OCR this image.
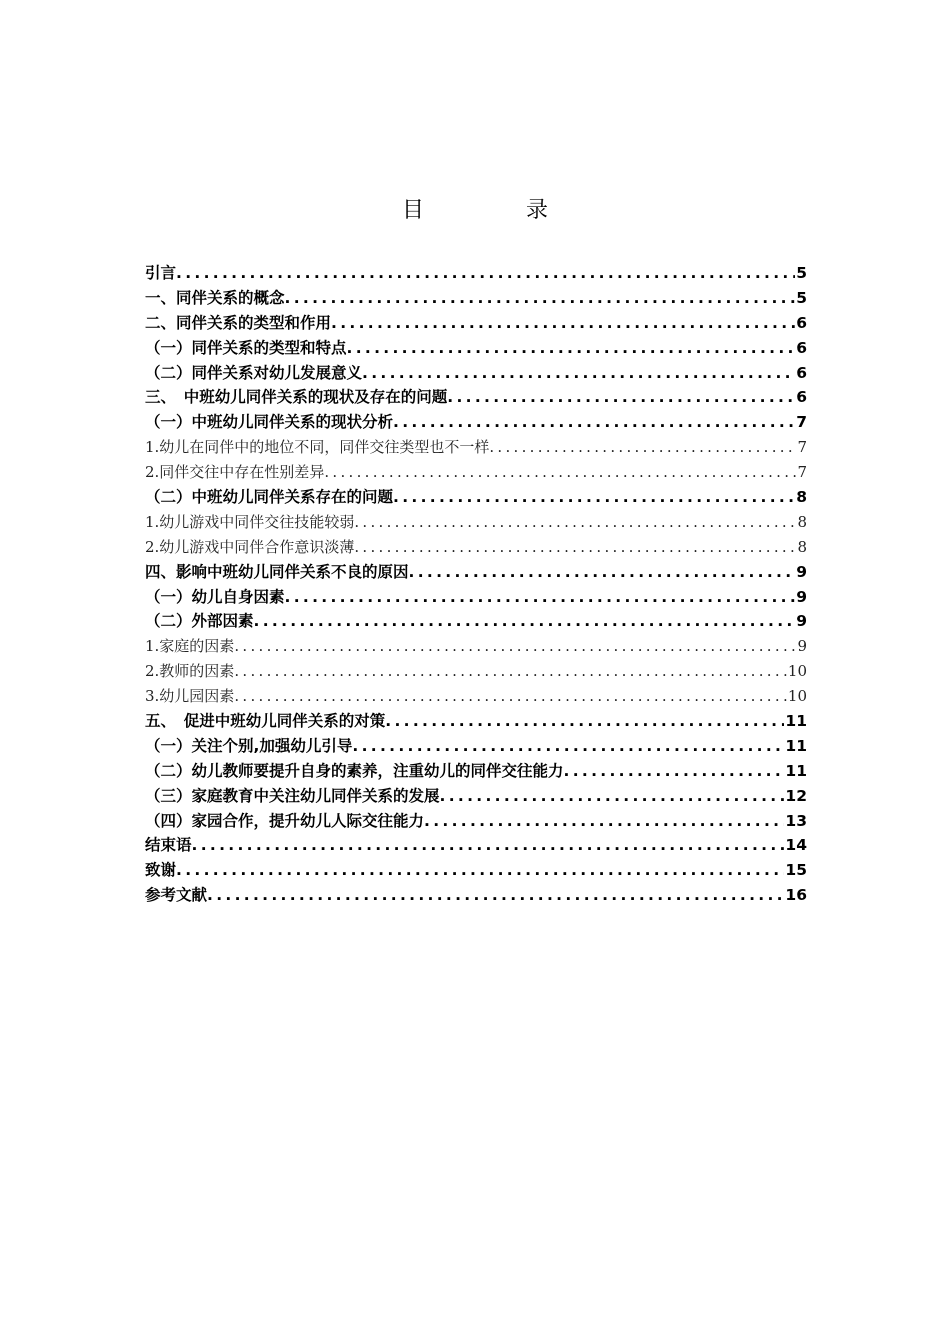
目　录
引言 .....	5
一、同伴关系的概念 .....	5
二、同伴关系的类型和作用 .....	6
（一）同伴关系的类型和特点 .....	6
（二）同伴关系对幼儿发展意义 .....	6
三、　中班幼儿同伴关系的现状及存在的问题 .....	6
（一）中班幼儿同伴关系的现状分析 .....	7
1.幼儿在同伴中的地位不同，同伴交往类型也不一样 .....	7
2.同伴交往中存在性别差异 .....	7
（二）中班幼儿同伴关系存在的问题 .....	8
1.幼儿游戏中同伴交往技能较弱 .....	8
2.幼儿游戏中同伴合作意识淡薄 .....	8
四、影响中班幼儿同伴关系不良的原因 .....	9
（一）幼儿自身因素 .....	9
（二）外部因素 .....	9
1.家庭的因素 .....	9
2.教师的因素 .....	10
3.幼儿园因素 .....	10
五、　促进中班幼儿同伴关系的对策 .....	11
（一）关注个别,加强幼儿引导 .....	11
（二）幼儿教师要提升自身的素养，注重幼儿的同伴交往能力 .....	11
（三）家庭教育中关注幼儿同伴关系的发展 .....	12
（四）家园合作，提升幼儿人际交往能力 .....	13
结束语 .....	14
致谢 .....	15
参考文献 .....	16
